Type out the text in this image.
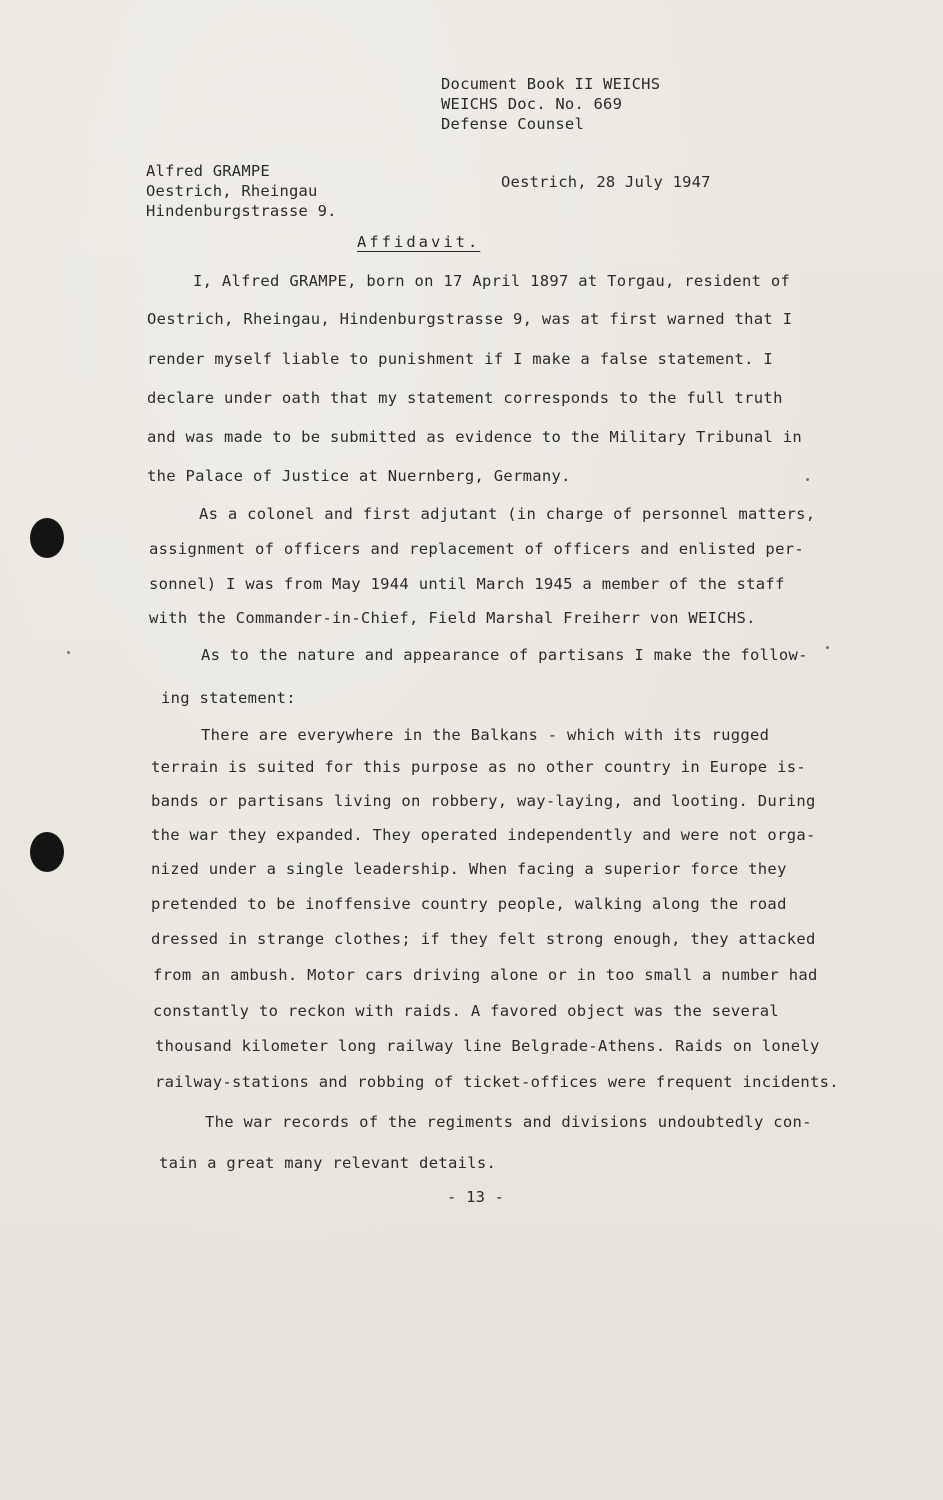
Document Book II WEICHS
WEICHS Doc. No. 669
Defense Counsel
Alfred GRAMPE
Oestrich, Rheingau
Hindenburgstrasse 9.
Oestrich, 28 July 1947
Affidavit.
I, Alfred GRAMPE, born on 17 April 1897 at Torgau, resident of
Oestrich, Rheingau, Hindenburgstrasse 9, was at first warned that I
render myself liable to punishment if I make a false statement. I
declare under oath that my statement corresponds to the full truth
and was made to be submitted as evidence to the Military Tribunal in
the Palace of Justice at Nuernberg, Germany.
As a colonel and first adjutant (in charge of personnel matters,
assignment of officers and replacement of officers and enlisted per-
sonnel) I was from May 1944 until March 1945 a member of the staff
with the Commander-in-Chief, Field Marshal Freiherr von WEICHS.
As to the nature and appearance of partisans I make the follow-
ing statement:
There are everywhere in the Balkans - which with its rugged
terrain is suited for this purpose as no other country in Europe is-
bands or partisans living on robbery, way-laying, and looting. During
the war they expanded. They operated independently and were not orga-
nized under a single leadership. When facing a superior force they
pretended to be inoffensive country people, walking along the road
dressed in strange clothes; if they felt strong enough, they attacked
from an ambush. Motor cars driving alone or in too small a number had
constantly to reckon with raids. A favored object was the several
thousand kilometer long railway line Belgrade-Athens. Raids on lonely
railway-stations and robbing of ticket-offices were frequent incidents.
The war records of the regiments and divisions undoubtedly con-
tain a great many relevant details.
- 13 -
